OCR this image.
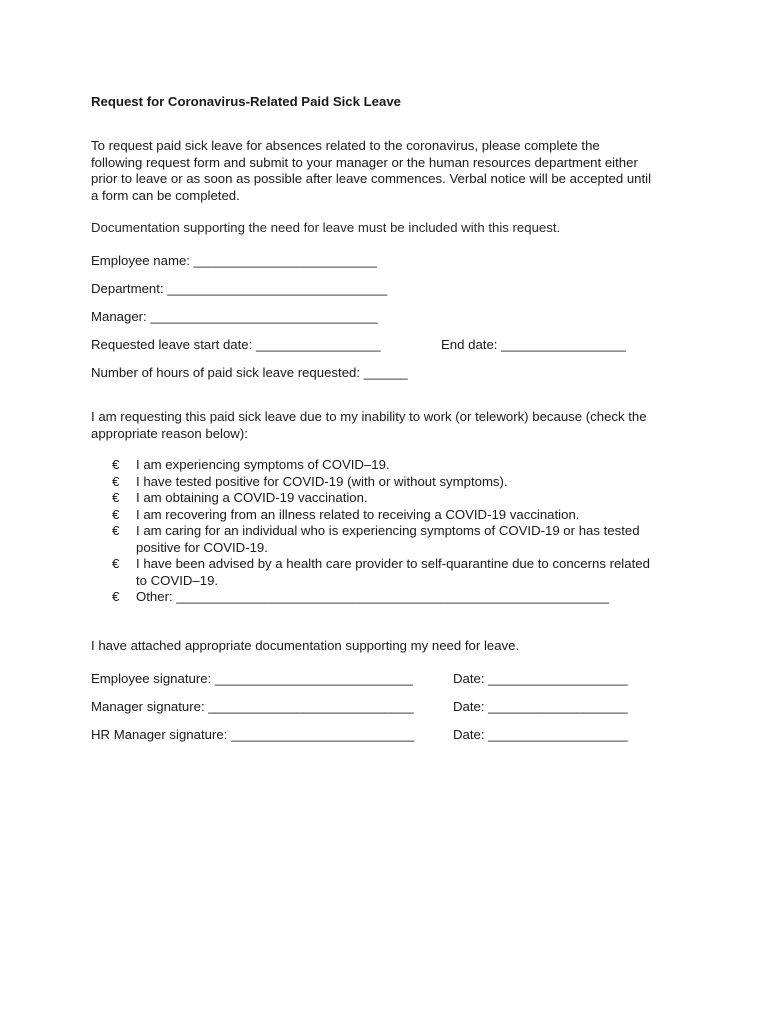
Request for Coronavirus-Related Paid Sick Leave
To request paid sick leave for absences related to the coronavirus, please complete the
following request form and submit to your manager or the human resources department either
prior to leave or as soon as possible after leave commences. Verbal notice will be accepted until
a form can be completed.
Documentation supporting the need for leave must be included with this request.
Employee name: _________________________
Department: ______________________________
Manager: _______________________________
Requested leave start date: _________________	End date: _________________
Number of hours of paid sick leave requested: ______
I am requesting this paid sick leave due to my inability to work (or telework) because (check the
appropriate reason below):
€	I am experiencing symptoms of COVID–19.
€	I have tested positive for COVID-19 (with or without symptoms).
€	I am obtaining a COVID-19 vaccination.
€	I am recovering from an illness related to receiving a COVID-19 vaccination.
€	I am caring for an individual who is experiencing symptoms of COVID-19 or has tested
positive for COVID-19.
€	I have been advised by a health care provider to self-quarantine due to concerns related
to COVID–19.
€	Other: ___________________________________________________________
I have attached appropriate documentation supporting my need for leave.
Employee signature: ___________________________	Date: ___________________
Manager signature: ____________________________	Date: ___________________
HR Manager signature: _________________________	Date: ___________________
